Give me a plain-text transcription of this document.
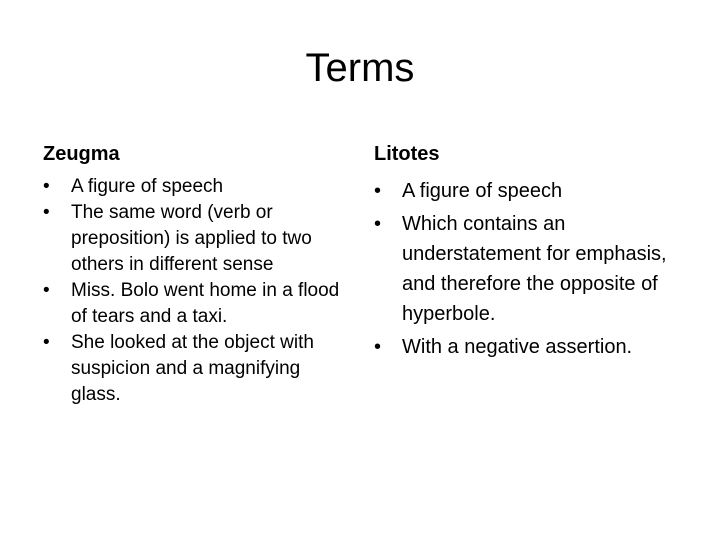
Terms
Zeugma
•	A figure of speech
•	The same word (verb or preposition) is applied to two others in different sense
•	Miss. Bolo went home in a flood of tears and a taxi.
•	She looked at the object with suspicion and a magnifying glass.
Litotes
•	A figure of speech
•	Which contains an understatement for emphasis, and therefore the opposite of hyperbole.
•	With a negative assertion.
